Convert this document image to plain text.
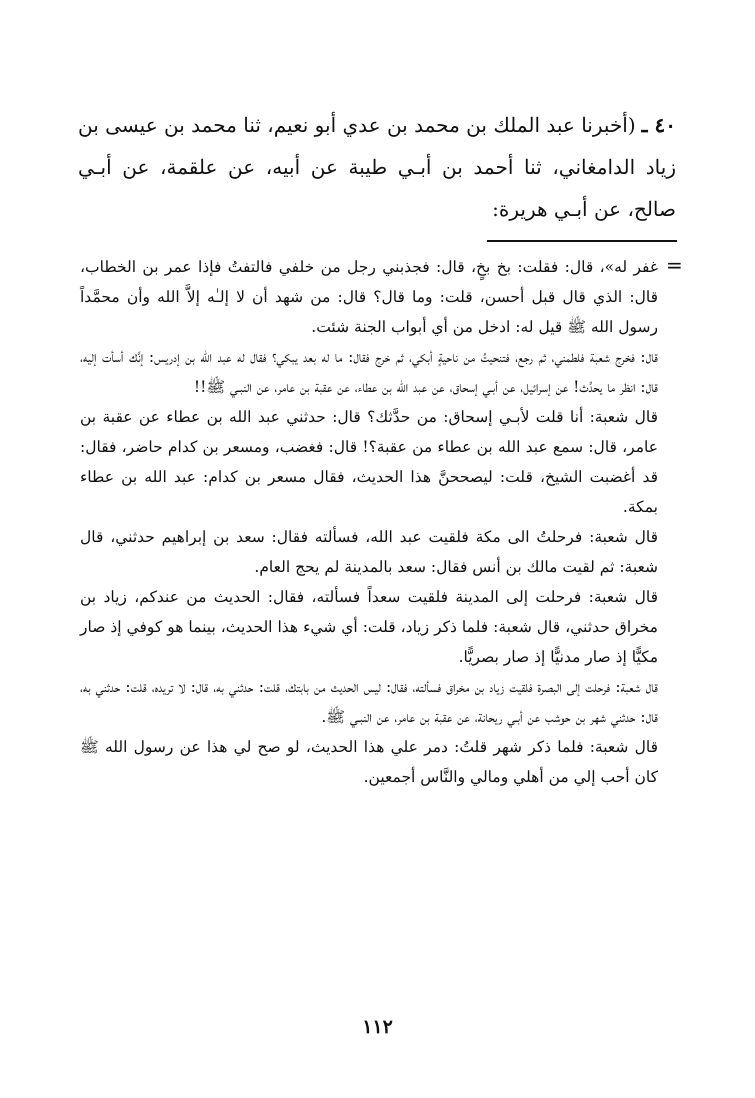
٤٠ ـ(أخبرنا عبد الملك بن محمد بن عدي أبو نعيم، ثنا محمد بن عيسى بن زياد الدامغاني، ثنا أحمد بن أبـي طيبة عن أبيه، عن علقمة، عن أبـي صالح، عن أبـي هريرة:

=

غفر له»، قال: فقلت: بخ بخٍ، قال: فجذبني رجل من خلفي فالتفتُ فإذا عمر بن الخطاب، قال: الذي قال قبل أحسن، قلت: وما قال؟ قال: من شهد أن لا إلـٰه إلاَّ الله وأن محمَّداً رسول الله ﷺ قيل له: ادخل من أي أبواب الجنة شئت.

قال: فخرج شعبة فلطمني، ثم رجع، فتنحيتُ من ناحيةٍ أبكي، ثم خرج فقال: ما له بعد يبكي؟ فقال له عبد الله بن إدريس: إنَّك أسأت إليه، قال: انظر ما يحدِّث! عن إسرائيل، عن أبـي إسحاق، عن عبد الله بن عطاء، عن عقبة بن عامر، عن النبـي ﷺ!!

قال شعبة: أنا قلت لأبـي إسحاق: من حدَّثك؟ قال: حدثني عبد الله بن عطاء عن عقبة بن عامر، قال: سمع عبد الله بن عطاء من عقبة؟! قال: فغضب، ومسعر بن كدام حاضر، فقال: قد أغضبت الشيخ، قلت: ليصححنَّ هذا الحديث، فقال مسعر بن كدام: عبد الله بن عطاء بمكة.

قال شعبة: فرحلتُ الى مكة فلقيت عبد الله، فسألته فقال: سعد بن إبراهيم حدثني، قال شعبة: ثم لقيت مالك بن أنس فقال: سعد بالمدينة لم يحج العام.

قال شعبة: فرحلت إلى المدينة فلقيت سعداً فسألته، فقال: الحديث من عندكم، زياد بن مخراق حدثني، قال شعبة: فلما ذكر زياد، قلت: أي شيء هذا الحديث، بينما هو كوفي إذ صار مكيًّا إذ صار مدنيًّا إذ صار بصريًّا.

قال شعبة: فرحلت إلى البصرة فلقيت زياد بن مخراق فسألته، فقال: ليس الحديث من بابتك، قلت: حدثني به، قال: لا تريده، قلت: حدثني به، قال: حدثني شهر بن حوشب عن أبـي ريحانة، عن عقبة بن عامر، عن النبـي ﷺ.

قال شعبة: فلما ذكر شهر قلتُ: دمر علي هذا الحديث، لو صح لي هذا عن رسول الله ﷺ كان أحب إلي من أهلي ومالي والنَّاس أجمعين.

١١٢
